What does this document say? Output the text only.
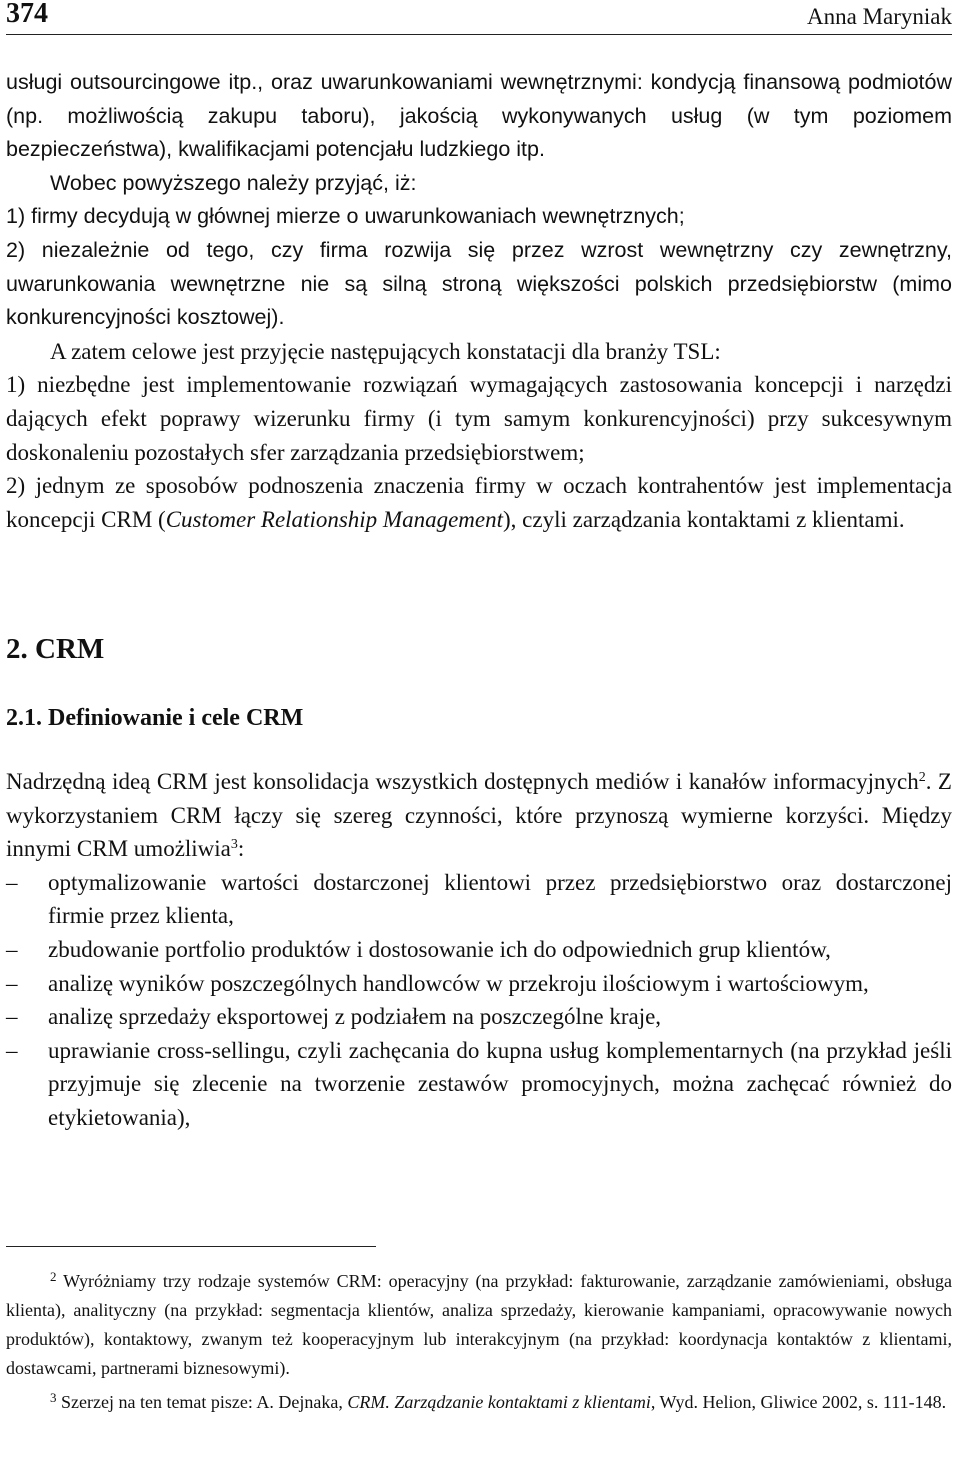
374	Anna Maryniak

usługi outsourcingowe itp., oraz uwarunkowaniami wewnętrznymi: kondycją finansową podmiotów (np. możliwością zakupu taboru), jakością wykonywanych usług (w tym poziomem bezpieczeństwa), kwalifikacjami potencjału ludzkiego itp.

Wobec powyższego należy przyjąć, iż:

1) firmy decydują w głównej mierze o uwarunkowaniach wewnętrznych;

2) niezależnie od tego, czy firma rozwija się przez wzrost wewnętrzny czy zewnętrzny, uwarunkowania wewnętrzne nie są silną stroną większości polskich przedsiębiorstw (mimo konkurencyjności kosztowej).

A zatem celowe jest przyjęcie następujących konstatacji dla branży TSL:

1) niezbędne jest implementowanie rozwiązań wymagających zastosowania koncepcji i narzędzi dających efekt poprawy wizerunku firmy (i tym samym konkurencyjności) przy sukcesywnym doskonaleniu pozostałych sfer zarządzania przedsiębiorstwem;

2) jednym ze sposobów podnoszenia znaczenia firmy w oczach kontrahentów jest implementacja koncepcji CRM (Customer Relationship Management), czyli zarządzania kontaktami z klientami.

2. CRM
2.1. Definiowanie i cele CRM

Nadrzędną ideą CRM jest konsolidacja wszystkich dostępnych mediów i kanałów informacyjnych$^2$. Z wykorzystaniem CRM łączy się szereg czynności, które przynoszą wymierne korzyści. Między innymi CRM umożliwia$^3$:

– optymalizowanie wartości dostarczonej klientowi przez przedsiębiorstwo oraz dostarczonej firmie przez klienta,
– zbudowanie portfolio produktów i dostosowanie ich do odpowiednich grup klientów,
– analizę wyników poszczególnych handlowców w przekroju ilościowym i wartościowym,
– analizę sprzedaży eksportowej z podziałem na poszczególne kraje,
– uprawianie cross-sellingu, czyli zachęcania do kupna usług komplementarnych (na przykład jeśli przyjmuje się zlecenie na tworzenie zestawów promocyjnych, można zachęcać również do etykietowania),

$^2$ Wyróżniamy trzy rodzaje systemów CRM: operacyjny (na przykład: fakturowanie, zarządzanie zamówieniami, obsługa klienta), analityczny (na przykład: segmentacja klientów, analiza sprzedaży, kierowanie kampaniami, opracowywanie nowych produktów), kontaktowy, zwanym też kooperacyjnym lub interakcyjnym (na przykład: koordynacja kontaktów z klientami, dostawcami, partnerami biznesowymi).

$^3$ Szerzej na ten temat pisze: A. Dejnaka, CRM. Zarządzanie kontaktami z klientami, Wyd. Helion, Gliwice 2002, s. 111-148.
